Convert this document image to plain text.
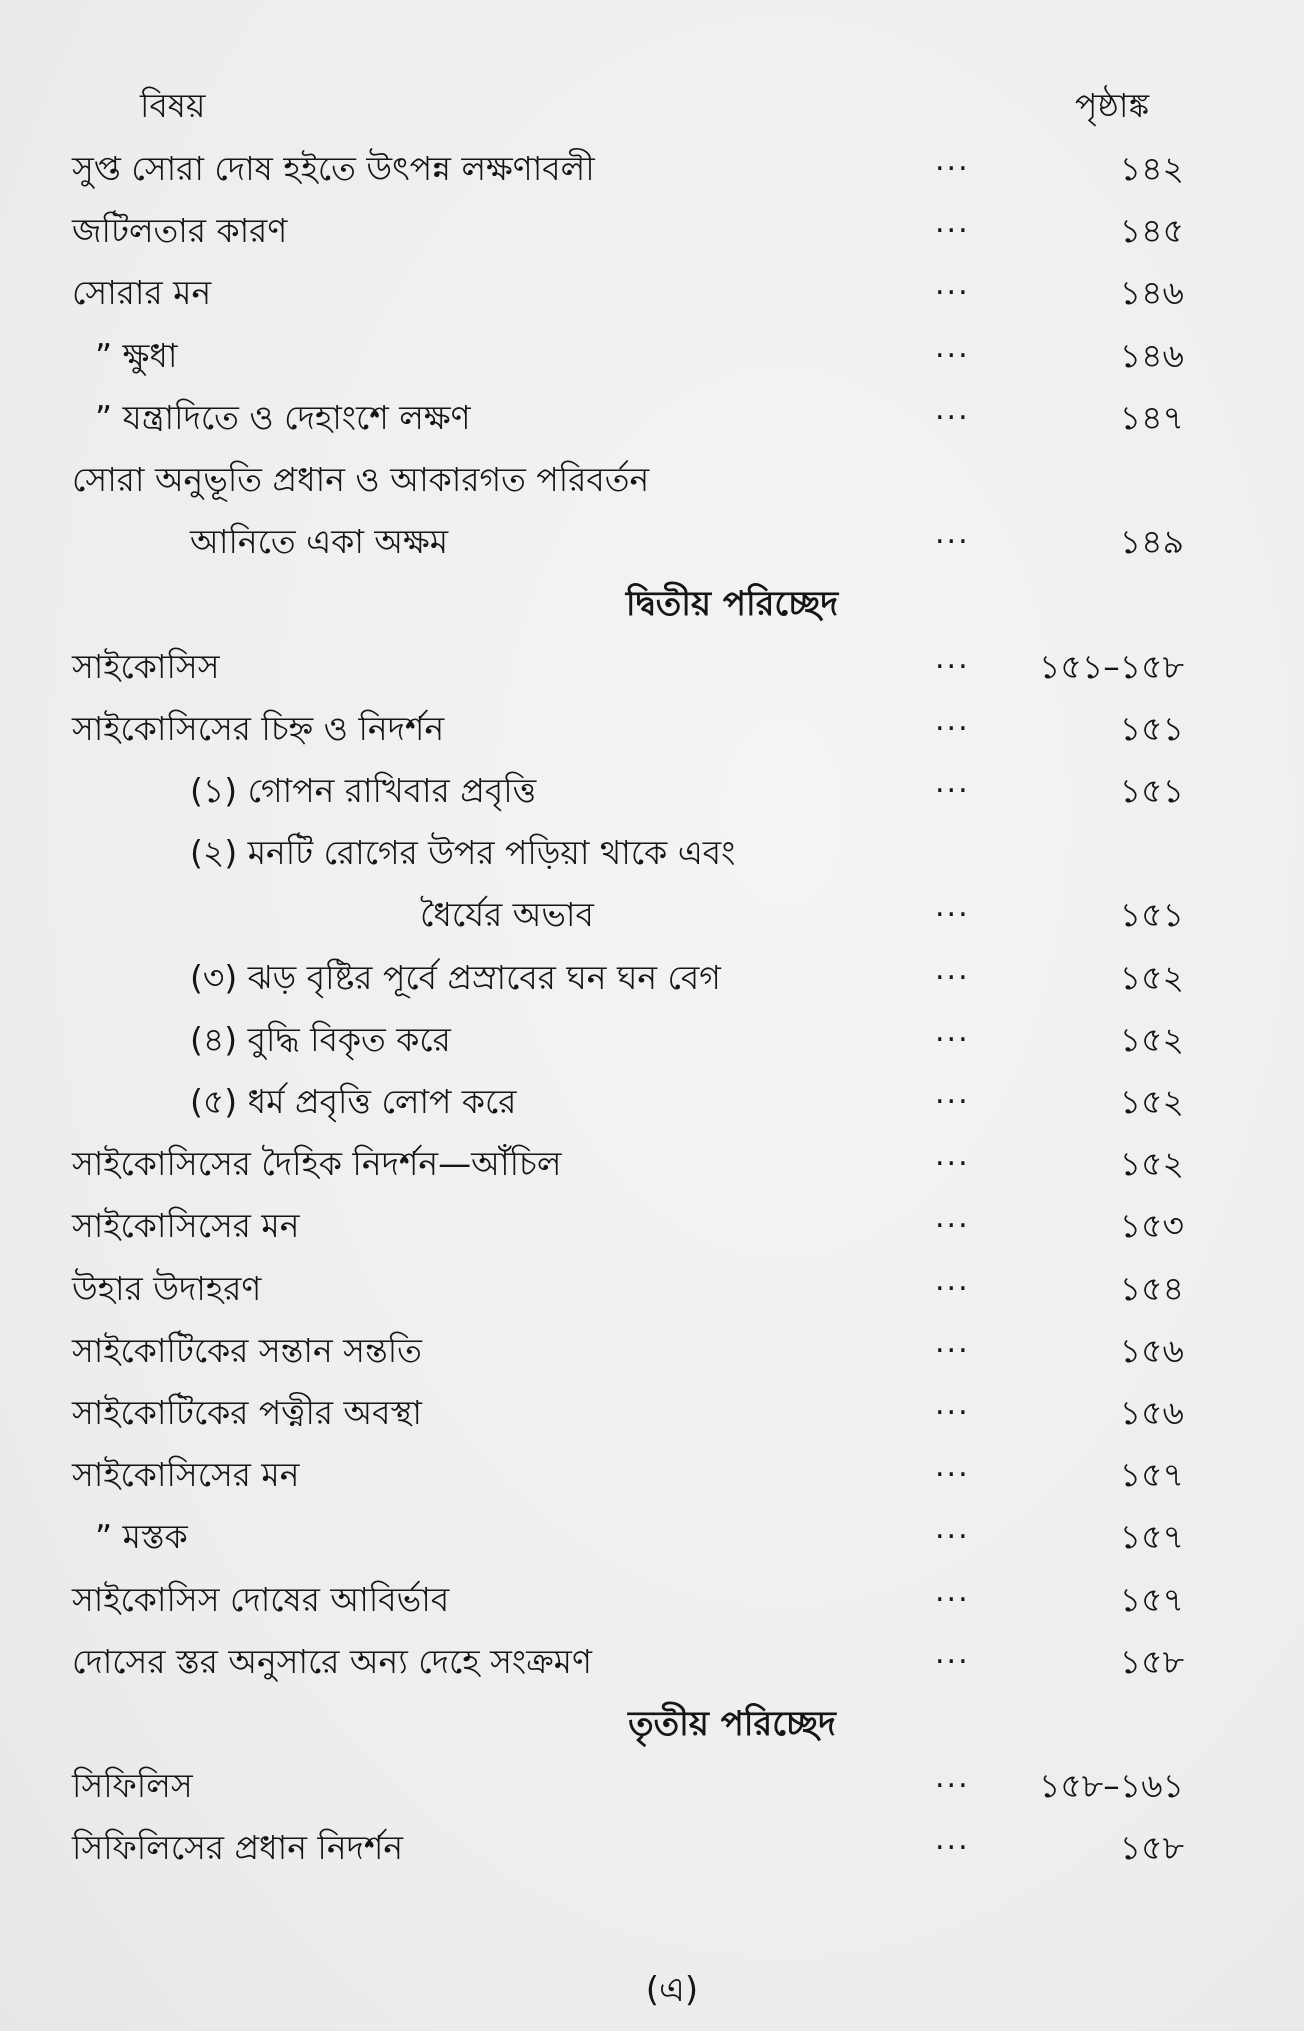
বিষয়	পৃষ্ঠাঙ্ক
সুপ্ত সোরা দোষ হইতে উৎপন্ন লক্ষণাবলী	...	১৪২
জটিলতার কারণ	...	১৪৫
সোরার মন	...	১৪৬
” ক্ষুধা	...	১৪৬
” যন্ত্রাদিতে ও দেহাংশে লক্ষণ	...	১৪৭
সোরা অনুভূতি প্রধান ও আকারগত পরিবর্তন
আনিতে একা অক্ষম	...	১৪৯
দ্বিতীয় পরিচ্ছেদ
সাইকোসিস	... ১৫১–১৫৮
সাইকোসিসের চিহ্ন ও নিদর্শন	...	১৫১
(১) গোপন রাখিবার প্রবৃত্তি	...	১৫১
(২) মনটি রোগের উপর পড়িয়া থাকে এবং
ধৈর্যের অভাব	...	১৫১
(৩) ঝড় বৃষ্টির পূর্বে প্রস্রাবের ঘন ঘন বেগ	...	১৫২
(৪) বুদ্ধি বিকৃত করে	...	১৫২
(৫) ধর্ম প্রবৃত্তি লোপ করে	...	১৫২
সাইকোসিসের দৈহিক নিদর্শন—আঁচিল	...	১৫২
সাইকোসিসের মন	...	১৫৩
উহার উদাহরণ	...	১৫৪
সাইকোটিকের সন্তান সন্ততি	...	১৫৬
সাইকোটিকের পত্নীর অবস্থা	...	১৫৬
সাইকোসিসের মন	...	১৫৭
” মস্তক	...	১৫৭
সাইকোসিস দোষের আবির্ভাব	...	১৫৭
দোসের স্তর অনুসারে অন্য দেহে সংক্রমণ	...	১৫৮
তৃতীয় পরিচ্ছেদ
সিফিলিস	... ১৫৮–১৬১
সিফিলিসের প্রধান নিদর্শন	...	১৫৮
(এ)
